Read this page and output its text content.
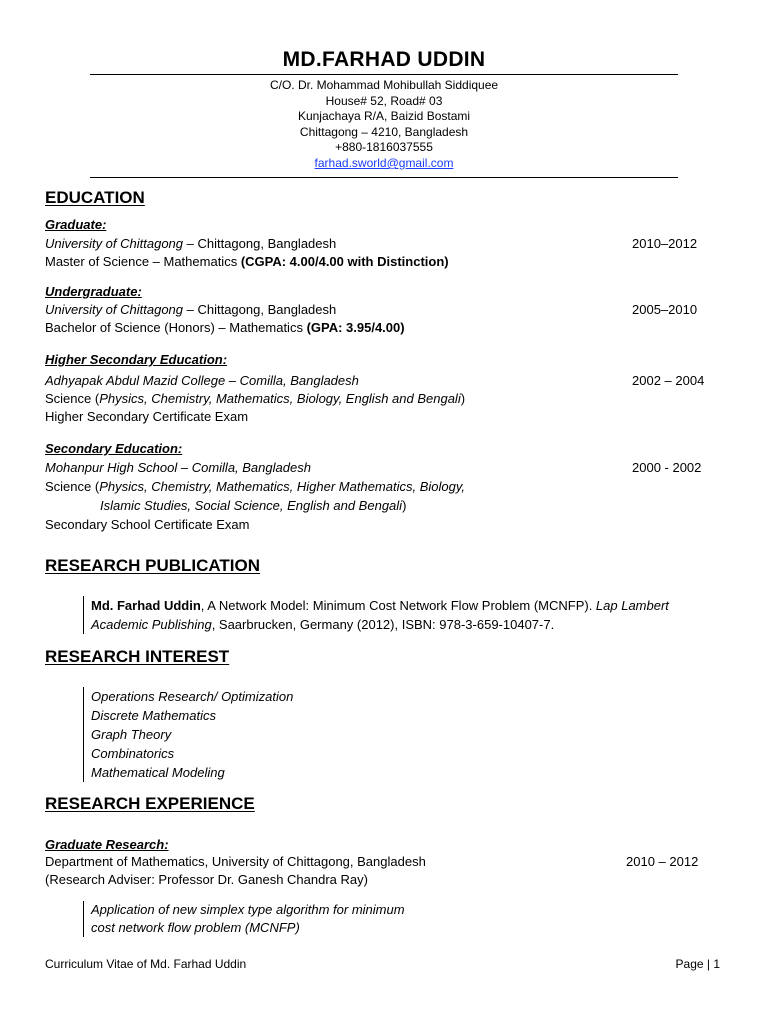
MD.FARHAD UDDIN
C/O. Dr. Mohammad Mohibullah Siddiquee
House# 52, Road# 03
Kunjachaya R/A, Baizid Bostami
Chittagong – 4210, Bangladesh
+880-1816037555
farhad.sworld@gmail.com
EDUCATION
Graduate:
University of Chittagong – Chittagong, Bangladesh	2010–2012
Master of Science – Mathematics (CGPA: 4.00/4.00 with Distinction)
Undergraduate:
University of Chittagong – Chittagong, Bangladesh	2005–2010
Bachelor of Science (Honors) – Mathematics (GPA: 3.95/4.00)
Higher Secondary Education:
Adhyapak Abdul Mazid College – Comilla, Bangladesh	2002 – 2004
Science (Physics, Chemistry, Mathematics, Biology, English and Bengali)
Higher Secondary Certificate Exam
Secondary Education:
Mohanpur High School – Comilla, Bangladesh	2000 - 2002
Science (Physics, Chemistry, Mathematics, Higher Mathematics, Biology,
Islamic Studies, Social Science, English and Bengali)
Secondary School Certificate Exam
RESEARCH PUBLICATION
Md. Farhad Uddin, A Network Model: Minimum Cost Network Flow Problem (MCNFP). Lap Lambert
Academic Publishing, Saarbrucken, Germany (2012), ISBN: 978-3-659-10407-7.
RESEARCH INTEREST
Operations Research/ Optimization
Discrete Mathematics
Graph Theory
Combinatorics
Mathematical Modeling
RESEARCH EXPERIENCE
Graduate Research:
Department of Mathematics, University of Chittagong, Bangladesh	2010 – 2012
(Research Adviser: Professor Dr. Ganesh Chandra Ray)
Application of new simplex type algorithm for minimum
cost network flow problem (MCNFP)
Curriculum Vitae of Md. Farhad Uddin	Page | 1
